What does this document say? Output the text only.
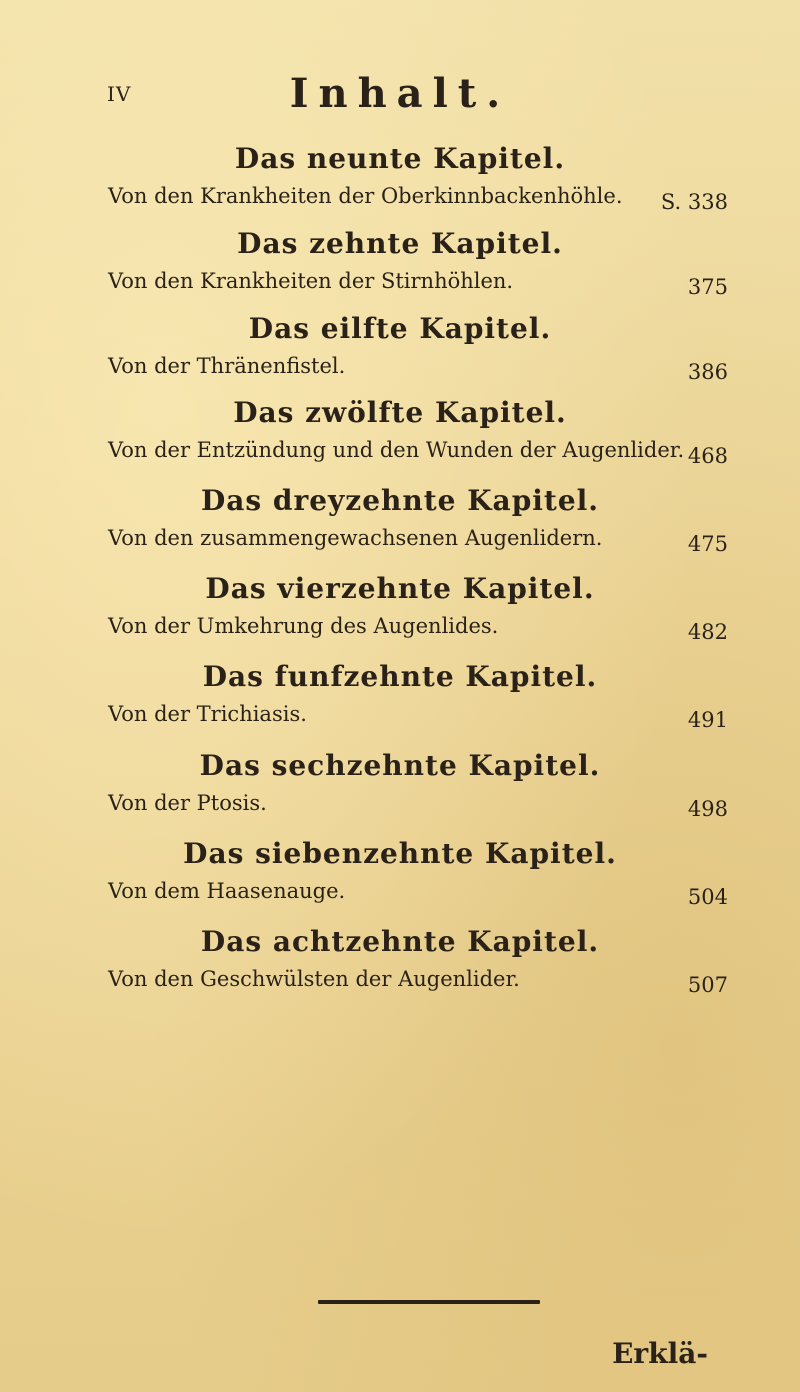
IV	Inhalt.
Das neunte Kapitel.
Von den Krankheiten der Oberkinnbackenhöhle. S. 338
Das zehnte Kapitel.
Von den Krankheiten der Stirnhöhlen.	375
Das eilfte Kapitel.
Von der Thränenfistel.	386
Das zwölfte Kapitel.
Von der Entzündung und den Wunden der Augenlider. 468
Das dreyzehnte Kapitel.
Von den zusammengewachsenen Augenlidern.	475
Das vierzehnte Kapitel.
Von der Umkehrung des Augenlides.	482
Das funfzehnte Kapitel.
Von der Trichiasis.	491
Das sechzehnte Kapitel.
Von der Ptosis.	498
Das siebenzehnte Kapitel.
Von dem Haasenauge.	504
Das achtzehnte Kapitel.
Von den Geschwülsten der Augenlider.	507
Erklä-
